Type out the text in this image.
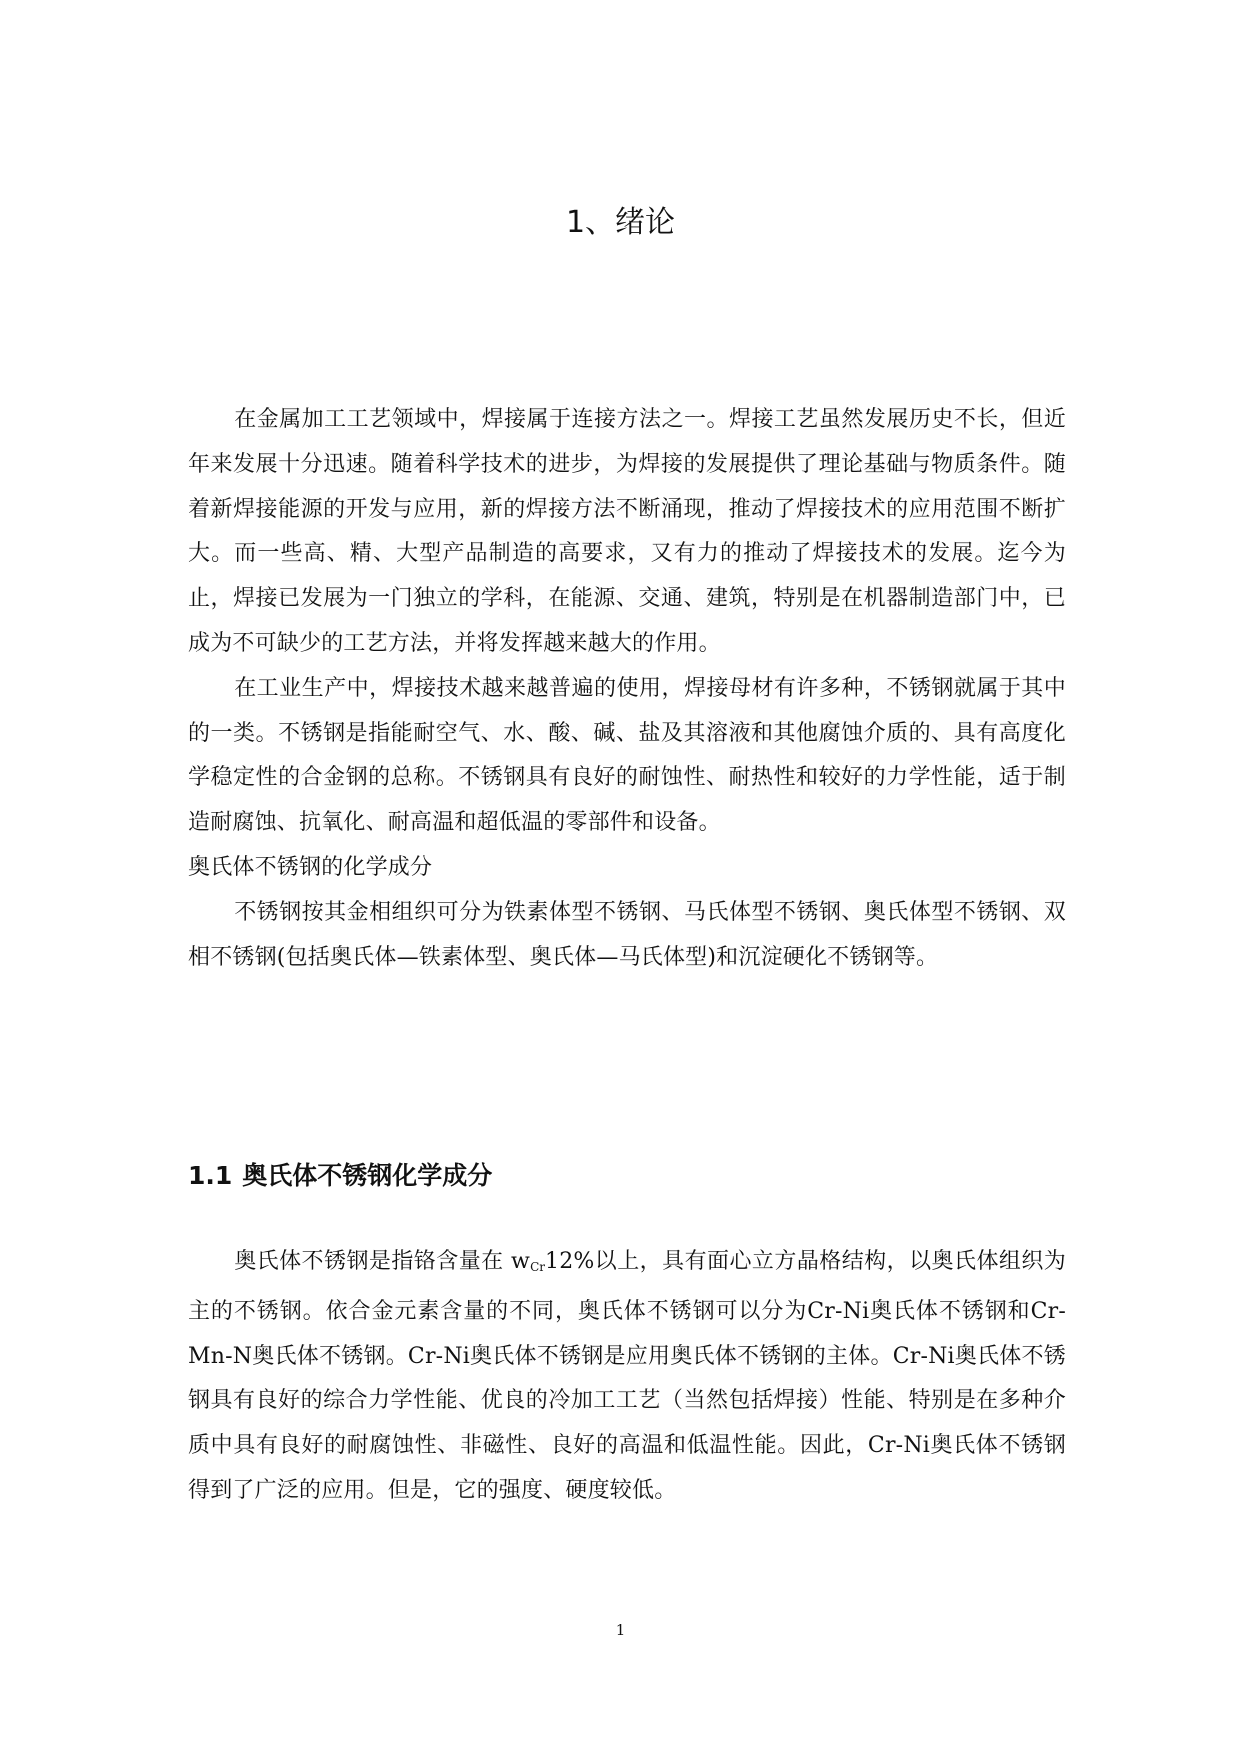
1、绪论

在金属加工工艺领域中，焊接属于连接方法之一。焊接工艺虽然发展历史不长，但近年来发展十分迅速。随着科学技术的进步，为焊接的发展提供了理论基础与物质条件。随着新焊接能源的开发与应用，新的焊接方法不断涌现，推动了焊接技术的应用范围不断扩大。而一些高、精、大型产品制造的高要求，又有力的推动了焊接技术的发展。迄今为止，焊接已发展为一门独立的学科，在能源、交通、建筑，特别是在机器制造部门中，已成为不可缺少的工艺方法，并将发挥越来越大的作用。

在工业生产中，焊接技术越来越普遍的使用，焊接母材有许多种，不锈钢就属于其中的一类。不锈钢是指能耐空气、水、酸、碱、盐及其溶液和其他腐蚀介质的、具有高度化学稳定性的合金钢的总称。不锈钢具有良好的耐蚀性、耐热性和较好的力学性能，适于制造耐腐蚀、抗氧化、耐高温和超低温的零部件和设备。

奥氏体不锈钢的化学成分

不锈钢按其金相组织可分为铁素体型不锈钢、马氏体型不锈钢、奥氏体型不锈钢、双相不锈钢(包括奥氏体—铁素体型、奥氏体—马氏体型)和沉淀硬化不锈钢等。

1.1 奥氏体不锈钢化学成分

奥氏体不锈钢是指铬含量在 wCr12%以上，具有面心立方晶格结构，以奥氏体组织为主的不锈钢。依合金元素含量的不同，奥氏体不锈钢可以分为Cr-Ni奥氏体不锈钢和Cr-Mn-N奥氏体不锈钢。Cr-Ni奥氏体不锈钢是应用奥氏体不锈钢的主体。Cr-Ni奥氏体不锈钢具有良好的综合力学性能、优良的冷加工工艺（当然包括焊接）性能、特别是在多种介质中具有良好的耐腐蚀性、非磁性、良好的高温和低温性能。因此，Cr-Ni奥氏体不锈钢得到了广泛的应用。但是，它的强度、硬度较低。

1
